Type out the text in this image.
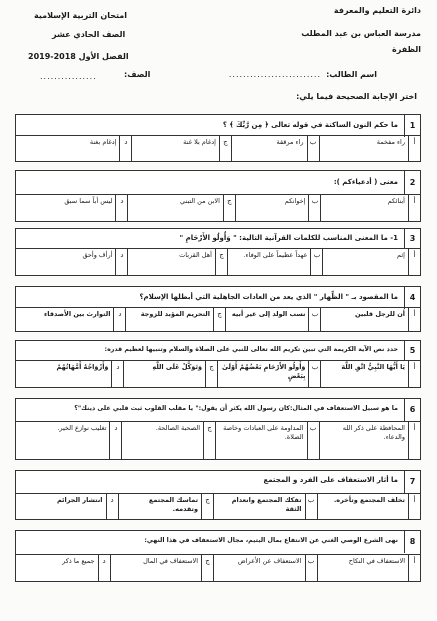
دائرة التعليم والمعرفة
مدرسة العباس بن عبد المطلب
الظفرة
امتحان التربية الإسلامية
الصف الحادي عشر
الفصل الأول 2018-2019
اسم الطالب:
..........................
الصف:
................
اختر الإجابة الصحيحة فيما يلي:
1
ما حكم النون الساكنة في قوله تعالى ﴿ مِن رَّبِّكَ ﴾ ؟
أ
راء مفخمة
ب
راء مرققة
ج
إدغام بلا غنة
د
إدغام بغنة
2
معنى ( أدعياءكم ):
أ
أبنائكم
ب
إخوانكم
ج
الابن من التبني
د
ليس أباً سما سبق
3
1- ما المعنى المناسب للكلمات القرآنية التالية: " وَأُولُو الأَرْحَامِ "
أ
إثم
ب
عهداً عظيماً على الوفاء.
ج
أهل القربات
د
أرأف وأحق
4
ما المقصود بـ " الظِّهار " الذي يعد من العادات الجاهلية التي أبطلها الإسلام؟
أ
أن للرجل قلبين
ب
نسب الولد إلى غير أبيه
ج
التحريم المؤبد للزوجة
د
التوارث بين الأصدقاء
5
حدد نص الآية الكريمة التي تبين تكريم الله تعالى للنبي على الصلاة والسلام وتنبيها لعظيم قدره:
أ
يَا أَيُّهَا النَّبِيُّ اتَّقِ اللَّهَ
ب
وَأُولُو الأَرْحَامِ بَعْضُهُمْ أَوْلَىٰ بِبَعْضٍ
ج
وَتَوَكَّلْ عَلَى اللَّهِ
د
وَأَزْوَاجُهُ أُمَّهَاتُهُمْ
6
ما هو سبيل الاستعفاف في المثال:كان رسول الله يكثر أن يقول:" يا مقلب القلوب ثبت قلبي على دينك"؟
أ
المحافظة على ذكر الله والدعاء.
ب
المداومة على العبادات وخاصة الصلاة.
ج
الصحبة الصالحة.
د
تغليب نوازع الخير.
7
ما أثار الاستعفاف على الفرد و المجتمع
أ
تخلف المجتمع وتأخره.
ب
تفكك المجتمع وانعدام الثقة
ج
تماسك المجتمع وتقدمه.
د
انتشار الجرائم
8
نهى الشرع الوصي الغني عن الانتفاع بمال اليتيم، مجال الاستعفاف في هذا النهي:
أ
الاستعفاف في النكاح
ب
الاستعفاف عن الأعراض
ج
الاستعفاف في المال
د
جميع ما ذكر
